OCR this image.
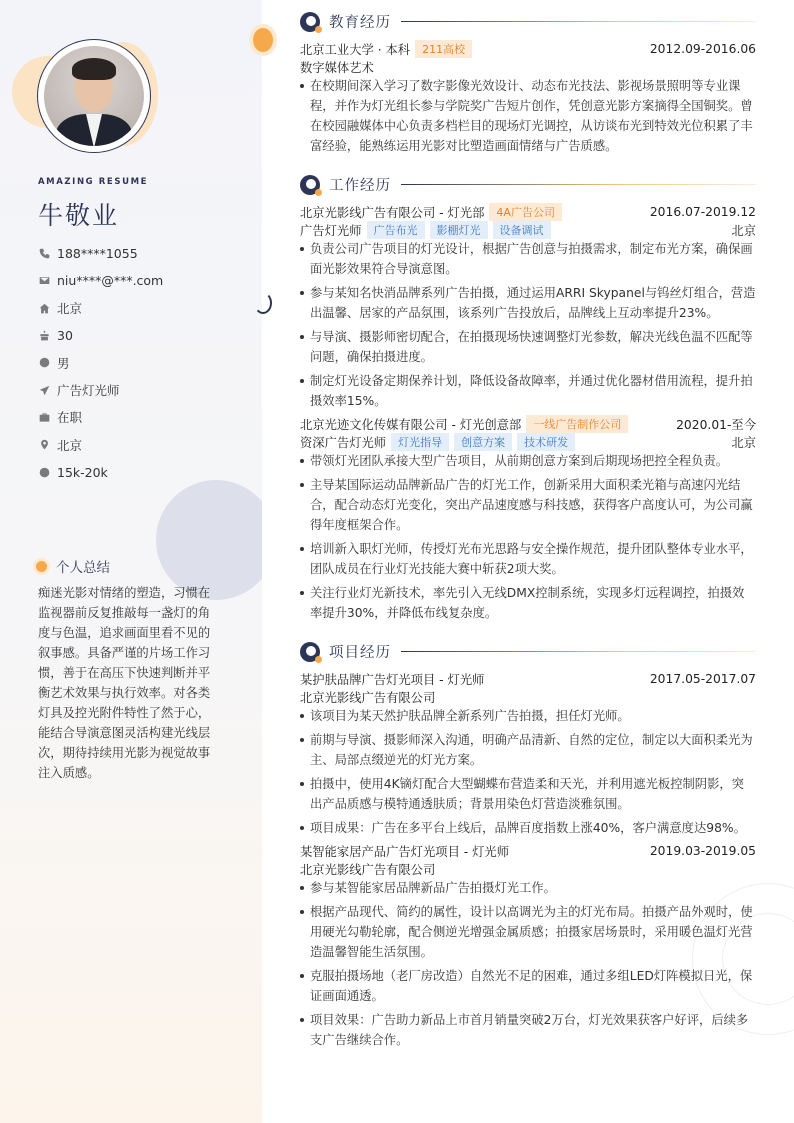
AMAZING RESUME
牛敬业
188****1055
niu****@***.com
北京
30
男
广告灯光师
在职
北京
15k-20k
个人总结
痴迷光影对情绪的塑造，习惯在监视器前反复推敲每一盏灯的角度与色温，追求画面里看不见的叙事感。具备严谨的片场工作习惯，善于在高压下快速判断并平衡艺术效果与执行效率。对各类灯具及控光附件特性了然于心，能结合导演意图灵活构建光线层次，期待持续用光影为视觉故事注入质感。
教育经历
北京工业大学 · 本科	211高校	2012.09-2016.06
数字媒体艺术
在校期间深入学习了数字影像光效设计、动态布光技法、影视场景照明等专业课程，并作为灯光组长参与学院奖广告短片创作，凭创意光影方案摘得全国铜奖。曾在校园融媒体中心负责多档栏目的现场灯光调控，从访谈布光到特效光位积累了丰富经验，能熟练运用光影对比塑造画面情绪与广告质感。
工作经历
北京光影线广告有限公司 - 灯光部	4A广告公司	2016.07-2019.12
广告灯光师	广告布光	影棚灯光	设备调试	北京
负责公司广告项目的灯光设计，根据广告创意与拍摄需求，制定布光方案，确保画面光影效果符合导演意图。
参与某知名快消品牌系列广告拍摄，通过运用ARRI Skypanel与钨丝灯组合，营造出温馨、居家的产品氛围，该系列广告投放后，品牌线上互动率提升23%。
与导演、摄影师密切配合，在拍摄现场快速调整灯光参数，解决光线色温不匹配等问题，确保拍摄进度。
制定灯光设备定期保养计划，降低设备故障率，并通过优化器材借用流程，提升拍摄效率15%。
北京光迹文化传媒有限公司 - 灯光创意部	一线广告制作公司	2020.01-至今
资深广告灯光师	灯光指导	创意方案	技术研发	北京
带领灯光团队承接大型广告项目，从前期创意方案到后期现场把控全程负责。
主导某国际运动品牌新品广告的灯光工作，创新采用大面积柔光箱与高速闪光结合，配合动态灯光变化，突出产品速度感与科技感，获得客户高度认可，为公司赢得年度框架合作。
培训新入职灯光师，传授灯光布光思路与安全操作规范，提升团队整体专业水平，团队成员在行业灯光技能大赛中斩获2项大奖。
关注行业灯光新技术，率先引入无线DMX控制系统，实现多灯远程调控，拍摄效率提升30%，并降低布线复杂度。
项目经历
某护肤品牌广告灯光项目 - 灯光师	2017.05-2017.07
北京光影线广告有限公司
该项目为某天然护肤品牌全新系列广告拍摄，担任灯光师。
前期与导演、摄影师深入沟通，明确产品清新、自然的定位，制定以大面积柔光为主、局部点缀逆光的灯光方案。
拍摄中，使用4K镝灯配合大型蝴蝶布营造柔和天光，并利用遮光板控制阴影，突出产品质感与模特通透肤质；背景用染色灯营造淡雅氛围。
项目成果：广告在多平台上线后，品牌百度指数上涨40%，客户满意度达98%。
某智能家居产品广告灯光项目 - 灯光师	2019.03-2019.05
北京光影线广告有限公司
参与某智能家居品牌新品广告拍摄灯光工作。
根据产品现代、简约的属性，设计以高调光为主的灯光布局。拍摄产品外观时，使用硬光勾勒轮廓，配合侧逆光增强金属质感；拍摄家居场景时，采用暖色温灯光营造温馨智能生活氛围。
克服拍摄场地（老厂房改造）自然光不足的困难，通过多组LED灯阵模拟日光，保证画面通透。
项目效果：广告助力新品上市首月销量突破2万台，灯光效果获客户好评，后续多支广告继续合作。
